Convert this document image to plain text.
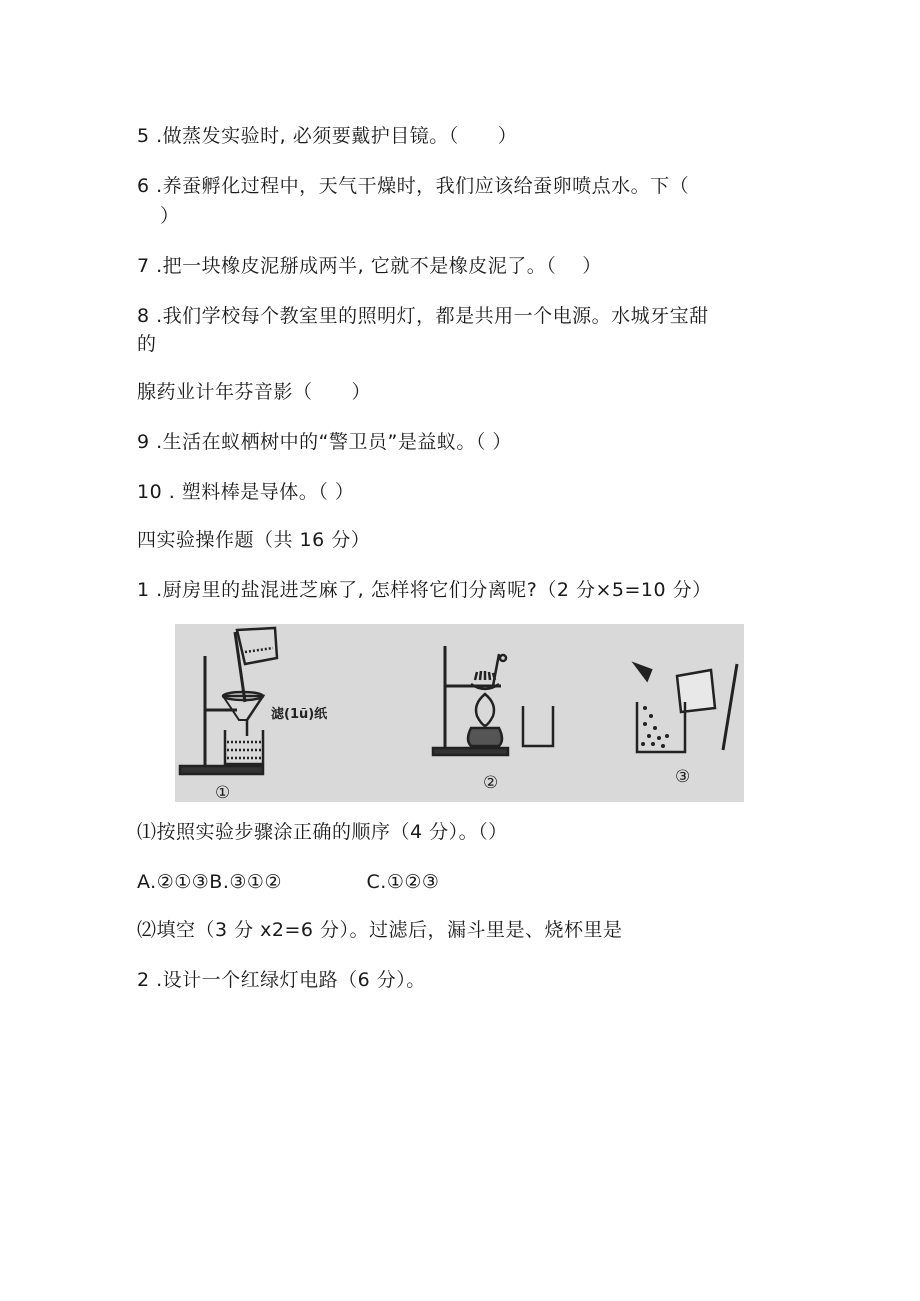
5 .做蒸发实验时, 必须要戴护目镜。（　　）
6 .养蚕孵化过程中，天气干燥时，我们应该给蚕卵喷点水。下（
）
7 .把一块橡皮泥掰成两半, 它就不是橡皮泥了。（　 ）
8 .我们学校每个教室里的照明灯，都是共用一个电源。水城牙宝甜
的
腺药业计年芬音影（　　）
9 .生活在蚁栖树中的“警卫员”是益蚁。（ ）
10 . 塑料棒是导体。（ ）
四实验操作题（共 16 分）
1 .厨房里的盐混进芝麻了, 怎样将它们分离呢?（2 分×5=10 分）
滤(1ũ)纸
①	②	③
⑴按照实验步骤涂正确的顺序（4 分）。（）
A.②①③B.③①②	C.①②③
⑵填空（3 分 x2=6 分）。过滤后，漏斗里是、烧杯里是
2 .设计一个红绿灯电路（6 分）。
